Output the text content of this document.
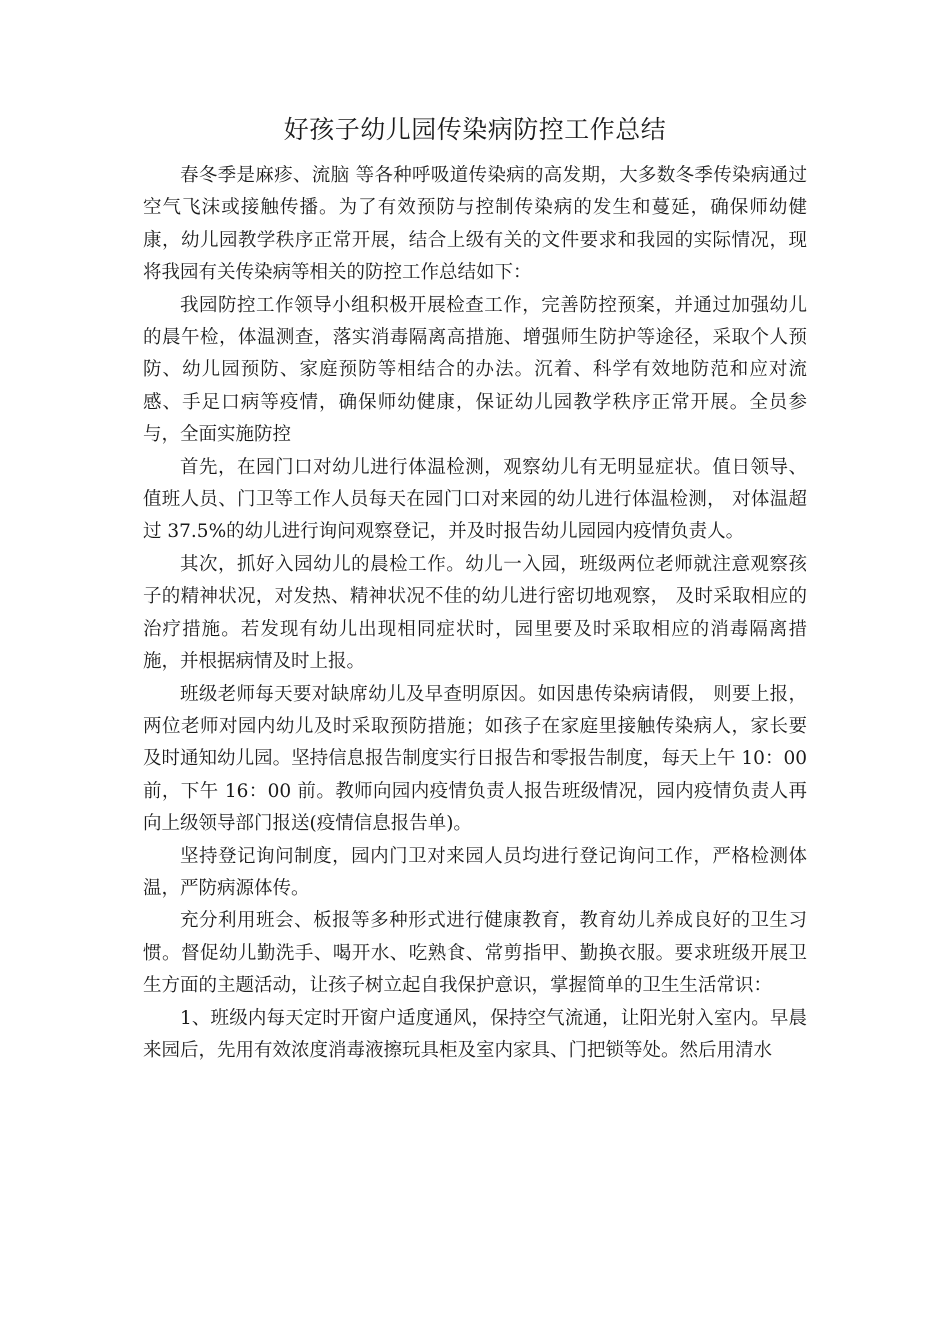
好孩子幼儿园传染病防控工作总结

春冬季是麻疹、流脑 等各种呼吸道传染病的高发期，大多数冬季传染病通过空气飞沫或接触传播。为了有效预防与控制传染病的发生和蔓延，确保师幼健康，幼儿园教学秩序正常开展，结合上级有关的文件要求和我园的实际情况，现将我园有关传染病等相关的防控工作总结如下：

我园防控工作领导小组积极开展检查工作，完善防控预案，并通过加强幼儿的晨午检，体温测查，落实消毒隔离高措施、增强师生防护等途径，采取个人预防、幼儿园预防、家庭预防等相结合的办法。沉着、科学有效地防范和应对流感、手足口病等疫情，确保师幼健康，保证幼儿园教学秩序正常开展。全员参与，全面实施防控

首先，在园门口对幼儿进行体温检测，观察幼儿有无明显症状。值日领导、值班人员、门卫等工作人员每天在园门口对来园的幼儿进行体温检测， 对体温超过 37.5%的幼儿进行询问观察登记，并及时报告幼儿园园内疫情负责人。

其次，抓好入园幼儿的晨检工作。幼儿一入园，班级两位老师就注意观察孩子的精神状况，对发热、精神状况不佳的幼儿进行密切地观察， 及时采取相应的治疗措施。若发现有幼儿出现相同症状时，园里要及时采取相应的消毒隔离措施，并根据病情及时上报。

班级老师每天要对缺席幼儿及早查明原因。如因患传染病请假， 则要上报，两位老师对园内幼儿及时采取预防措施；如孩子在家庭里接触传染病人，家长要及时通知幼儿园。坚持信息报告制度实行日报告和零报告制度，每天上午 10：00 前，下午 16：00 前。教师向园内疫情负责人报告班级情况，园内疫情负责人再向上级领导部门报送(疫情信息报告单)。

坚持登记询问制度，园内门卫对来园人员均进行登记询问工作，严格检测体温，严防病源体传。

充分利用班会、板报等多种形式进行健康教育，教育幼儿养成良好的卫生习惯。督促幼儿勤洗手、喝开水、吃熟食、常剪指甲、勤换衣服。要求班级开展卫生方面的主题活动，让孩子树立起自我保护意识，掌握简单的卫生生活常识：

1、班级内每天定时开窗户适度通风，保持空气流通，让阳光射入室内。早晨来园后，先用有效浓度消毒液擦玩具柜及室内家具、门把锁等处。然后用清水
